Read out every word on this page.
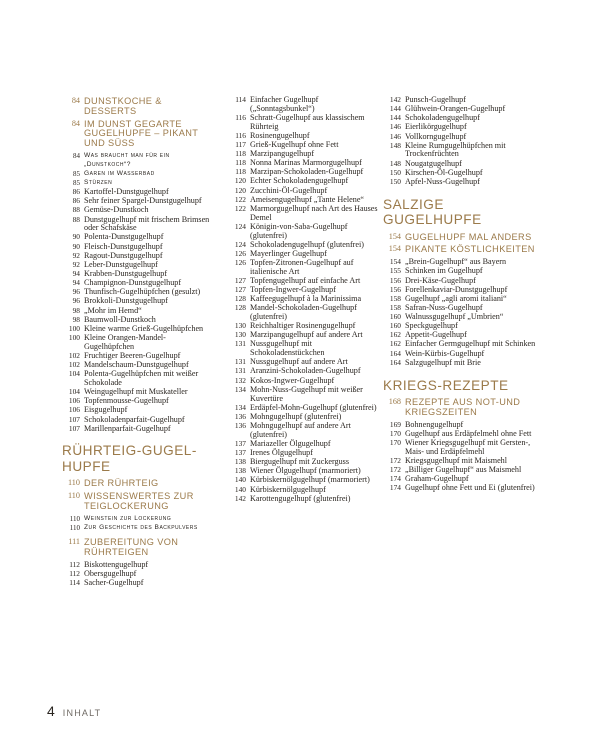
84 DUNSTKOCHE & DESSERTS
84 IM DUNST GEGARTE GUGELHUPFE – PIKANT UND SÜSS
84 Was braucht man für ein „Dunstkoch“?
85 Garen im Wasserbad
85 Stürzen
86 Kartoffel-Dunstgugelhupf
86 Sehr feiner Spargel-Dunstgugelhupf
88 Gemüse-Dunstkoch
88 Dunstgugelhupf mit frischem Brimsen oder Schafskäse
90 Polenta-Dunstgugelhupf
90 Fleisch-Dunstgugelhupf
92 Ragout-Dunstgugelhupf
92 Leber-Dunstgugelhupf
94 Krabben-Dunstgugelhupf
94 Champignon-Dunstgugelhupf
96 Thunfisch-Gugelhüpfchen (gesulzt)
96 Brokkoli-Dunstgugelhupf
98 „Mohr im Hemd“
98 Baumwoll-Dunstkoch
100 Kleine warme Grieß-Gugelhüpfchen
100 Kleine Orangen-Mandel-Gugelhüpfchen
102 Fruchtiger Beeren-Gugelhupf
102 Mandelschaum-Dunstgugelhupf
104 Polenta-Gugelhüpfchen mit weißer Schokolade
104 Weingugelhupf mit Muskateller
106 Topfenmousse-Gugelhupf
106 Eisgugelhupf
107 Schokoladenparfait-Gugelhupf
107 Marillenparfait-Gugelhupf
RÜHRTEIG-GUGEL-HUPFE
110 DER RÜHRTEIG
110 WISSENSWERTES ZUR TEIGLOCKERUNG
110 Weinstein zur Lockerung
110 Zur Geschichte des Backpulvers
111 ZUBEREITUNG VON RÜHRTEIGEN
112 Biskottengugelhupf
112 Obersgugelhupf
114 Sacher-Gugelhupf
114 Einfacher Gugelhupf („Sonntagsbunkel“)
116 Schratt-Gugelhupf aus klassischem Rührteig
116 Rosinengugelhupf
117 Grieß-Kugelhupf ohne Fett
118 Marzipangugelhupf
118 Nonna Marinas Marmorgugelhupf
118 Marzipan-Schokoladen-Gugelhupf
120 Echter Schokoladengugelhupf
120 Zucchini-Öl-Gugelhupf
122 Ameisengugelhupf „Tante Helene“
122 Marmorgugelhupf nach Art des Hauses Demel
124 Königin-von-Saba-Gugelhupf (glutenfrei)
124 Schokoladengugelhupf (glutenfrei)
126 Mayerlinger Gugelhupf
126 Topfen-Zitronen-Gugelhupf auf italienische Art
127 Topfengugelhupf auf einfache Art
127 Topfen-Ingwer-Gugelhupf
128 Kaffeegugelhupf à la Marinissima
128 Mandel-Schokoladen-Gugelhupf (glutenfrei)
130 Reichhaltiger Rosinengugelhupf
130 Marzipangugelhupf auf andere Art
131 Nussgugelhupf mit Schokoladenstückchen
131 Nussgugelhupf auf andere Art
131 Aranzini-Schokoladen-Gugelhupf
132 Kokos-Ingwer-Gugelhupf
134 Mohn-Nuss-Gugelhupf mit weißer Kuvertüre
134 Erdäpfel-Mohn-Gugelhupf (glutenfrei)
136 Mohngugelhupf (glutenfrei)
136 Mohngugelhupf auf andere Art (glutenfrei)
137 Mariazeller Ölgugelhupf
137 Irenes Ölgugelhupf
138 Biergugelhupf mit Zuckerguss
138 Wiener Ölgugelhupf (marmoriert)
140 Kürbiskernölgugelhupf (marmoriert)
140 Kürbiskernölgugelhupf
142 Karottengugelhupf (glutenfrei)
142 Punsch-Gugelhupf
144 Glühwein-Orangen-Gugelhupf
144 Schokoladengugelhupf
146 Eierlikörgugelhupf
146 Vollkorngugelhupf
148 Kleine Rumgugelhüpfchen mit Trockenfrüchten
148 Nougatgugelhupf
150 Kirschen-Öl-Gugelhupf
150 Apfel-Nuss-Gugelhupf
SALZIGE GUGELHUPFE
154 GUGELHUPF MAL ANDERS
154 PIKANTE KÖSTLICHKEITEN
154 „Brein-Gugelhupf“ aus Bayern
155 Schinken im Gugelhupf
156 Drei-Käse-Gugelhupf
156 Forellenkaviar-Dunstgugelhupf
158 Gugelhupf „agli aromi italiani“
158 Safran-Nuss-Gugelhupf
160 Walnussgugelhupf „Umbrien“
160 Speckgugelhupf
162 Appetit-Gugelhupf
162 Einfacher Germgugelhupf mit Schinken
164 Wein-Kürbis-Gugelhupf
164 Salzgugelhupf mit Brie
KRIEGS-REZEPTE
168 REZEPTE AUS NOT-UND KRIEGSZEITEN
169 Bohnengugelhupf
170 Gugelhupf aus Erdäpfelmehl ohne Fett
170 Wiener Kriegsgugelhupf mit Gersten-, Mais- und Erdäpfelmehl
172 Kriegsgugelhupf mit Maismehl
172 „Billiger Gugelhupf“ aus Maismehl
174 Graham-Gugelhupf
174 Gugelhupf ohne Fett und Ei (glutenfrei)
4 INHALT
